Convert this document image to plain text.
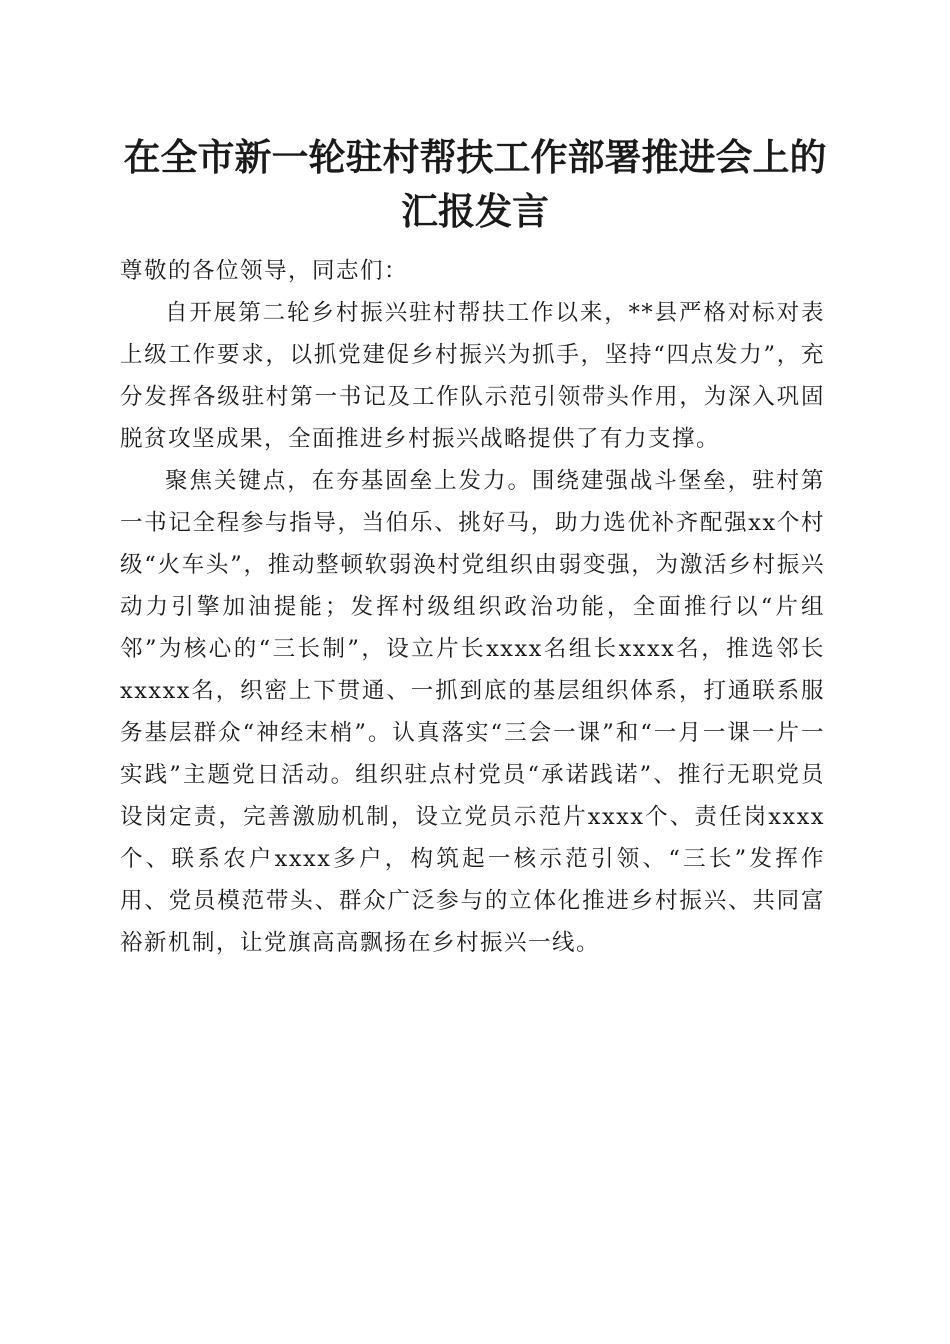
在全市新一轮驻村帮扶工作部署推进会上的汇报发言

尊敬的各位领导，同志们：

自开展第二轮乡村振兴驻村帮扶工作以来，**县严格对标对表上级工作要求，以抓党建促乡村振兴为抓手，坚持“四点发力”，充分发挥各级驻村第一书记及工作队示范引领带头作用，为深入巩固脱贫攻坚成果，全面推进乡村振兴战略提供了有力支撑。

聚焦关键点，在夯基固垒上发力。围绕建强战斗堡垒，驻村第一书记全程参与指导，当伯乐、挑好马，助力选优补齐配强xx个村级“火车头”，推动整顿软弱涣村党组织由弱变强，为激活乡村振兴动力引擎加油提能；发挥村级组织政治功能，全面推行以“片组邻”为核心的“三长制”，设立片长xxxx名组长xxxx名，推选邻长xxxxx名，织密上下贯通、一抓到底的基层组织体系，打通联系服务基层群众“神经末梢”。认真落实“三会一课”和“一月一课一片一实践”主题党日活动。组织驻点村党员“承诺践诺”、推行无职党员设岗定责，完善激励机制，设立党员示范片xxxx个、责任岗xxxx个、联系农户xxxx多户，构筑起一核示范引领、“三长”发挥作用、党员模范带头、群众广泛参与的立体化推进乡村振兴、共同富裕新机制，让党旗高高飘扬在乡村振兴一线。
